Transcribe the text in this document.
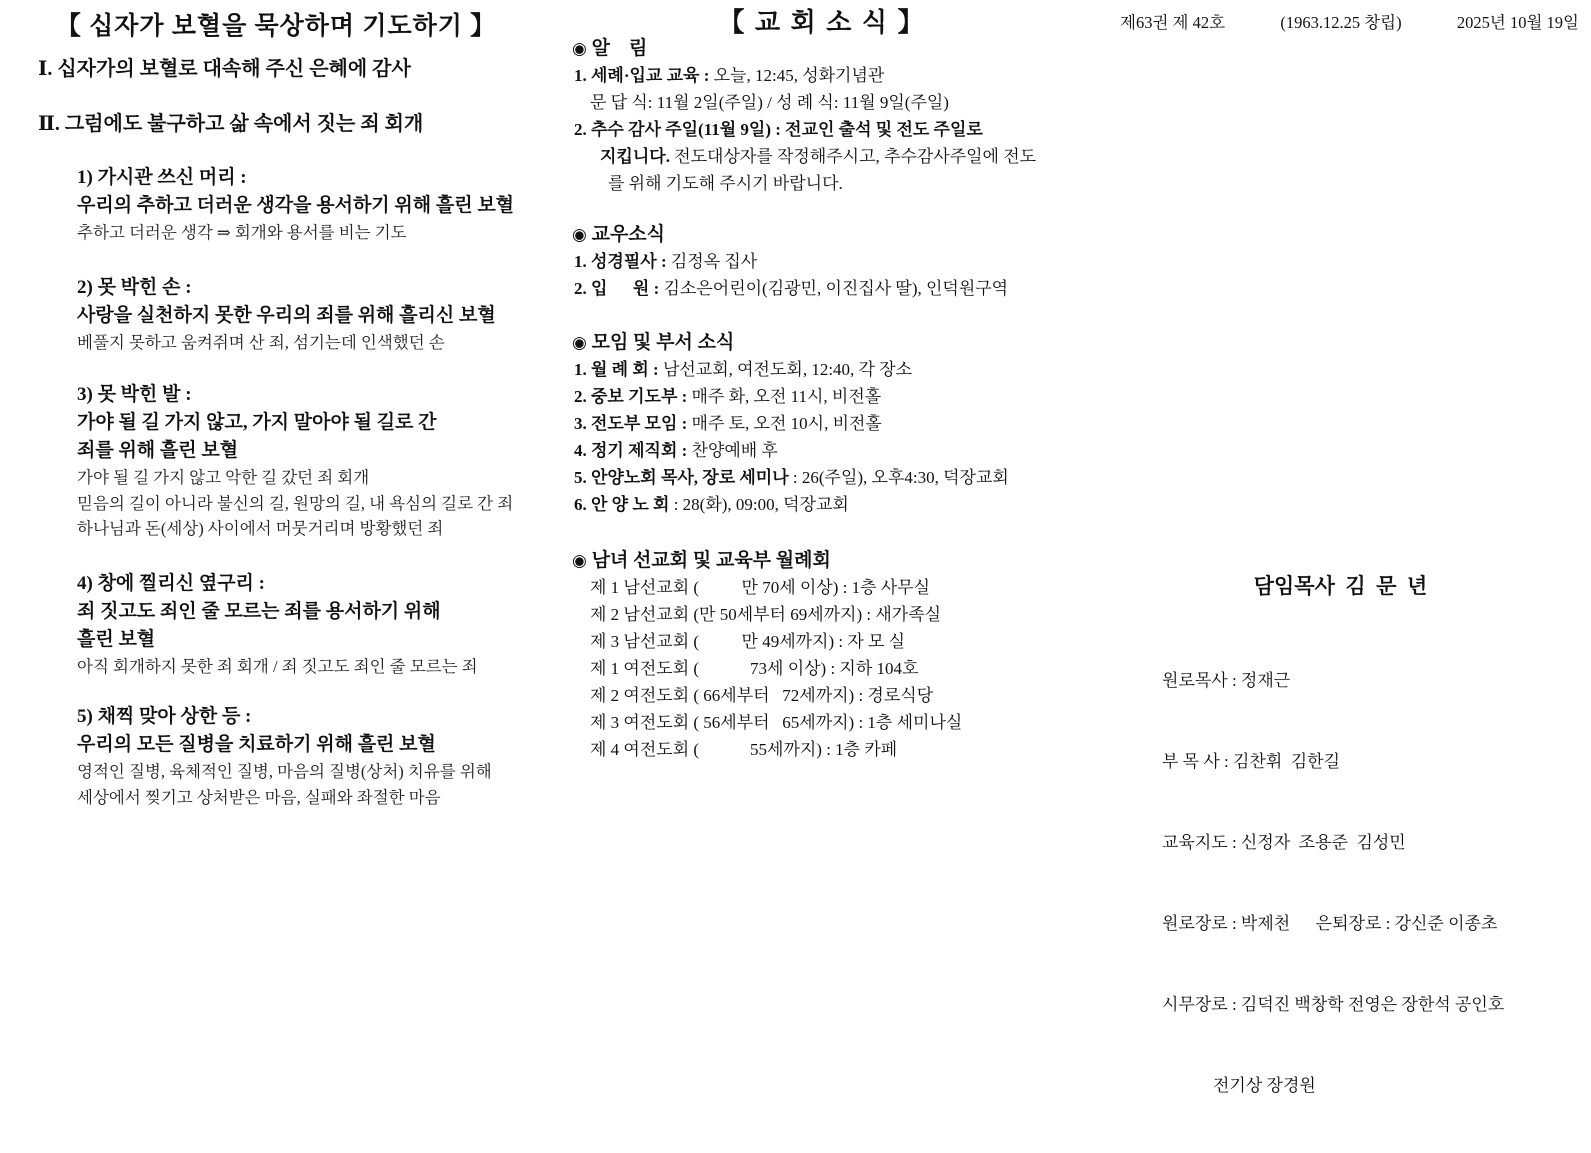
【 십자가 보혈을 묵상하며 기도하기 】
Ⅰ. 십자가의 보혈로 대속해 주신 은혜에 감사
Ⅱ. 그럼에도 불구하고 삶 속에서 짓는 죄 회개
1) 가시관 쓰신 머리 :
우리의 추하고 더러운 생각을 용서하기 위해 흘린 보혈
추하고 더러운 생각 ⇒ 회개와 용서를 비는 기도
2) 못 박힌 손 :
사랑을 실천하지 못한 우리의 죄를 위해 흘리신 보혈
베풀지 못하고 움켜쥐며 산 죄, 섬기는데 인색했던 손
3) 못 박힌 발 :
가야 될 길 가지 않고, 가지 말아야 될 길로 간
죄를 위해 흘린 보혈
가야 될 길 가지 않고 악한 길 갔던 죄 회개
믿음의 길이 아니라 불신의 길, 원망의 길, 내 욕심의 길로 간 죄
하나님과 돈(세상) 사이에서 머뭇거리며 방황했던 죄
4) 창에 찔리신 옆구리 :
죄 짓고도 죄인 줄 모르는 죄를 용서하기 위해
흘린 보혈
아직 회개하지 못한 죄 회개 / 죄 짓고도 죄인 줄 모르는 죄
5) 채찍 맞아 상한 등 :
우리의 모든 질병을 치료하기 위해 흘린 보혈
영적인 질병, 육체적인 질병, 마음의 질병(상처) 치유를 위해
세상에서 찢기고 상처받은 마음, 실패와 좌절한 마음
【 교 회 소 식 】
◉ 알    림
1. 세례·입교 교육 : 오늘, 12:45, 성화기념관
문 답 식: 11월 2일(주일) / 성 례 식: 11월 9일(주일)
2. 추수 감사 주일(11월 9일) : 전교인 출석 및 전도 주일로
지킵니다. 전도대상자를 작정해주시고, 추수감사주일에 전도
를 위해 기도해 주시기 바랍니다.
◉ 교우소식
1. 성경필사 : 김정옥 집사
2. 입      원 : 김소은어린이(김광민, 이진집사 딸), 인덕원구역
◉ 모임 및 부서 소식
1. 월 례 회 : 남선교회, 여전도회, 12:40, 각 장소
2. 중보 기도부 : 매주 화, 오전 11시, 비전홀
3. 전도부 모임 : 매주 토, 오전 10시, 비전홀
4. 정기 제직회 : 찬양예배 후
5. 안양노회 목사, 장로 세미나 : 26(주일), 오후4:30, 덕장교회
6. 안 양 노 회 : 28(화), 09:00, 덕장교회
◉ 남녀 선교회 및 교육부 월례회
제 1 남선교회 (          만 70세 이상) : 1층 사무실
제 2 남선교회 (만 50세부터 69세까지) : 새가족실
제 3 남선교회 (          만 49세까지) : 자 모 실
제 1 여전도회 (            73세 이상) : 지하 104호
제 2 여전도회 ( 66세부터   72세까지) : 경로식당
제 3 여전도회 ( 56세부터   65세까지) : 1층 세미나실
제 4 여전도회 (            55세까지) : 1층 카페
제63권 제 42호	(1963.12.25 창립)	2025년 10월 19일
담임목사  김  문  년

원로목사 : 정재근

부 목 사 : 김찬휘  김한길

교육지도 : 신정자  조용준  김성민

원로장로 : 박제천      은퇴장로 : 강신준 이종초

시무장로 : 김덕진 백창학 전영은 장한석 공인호

전기상 장경원
